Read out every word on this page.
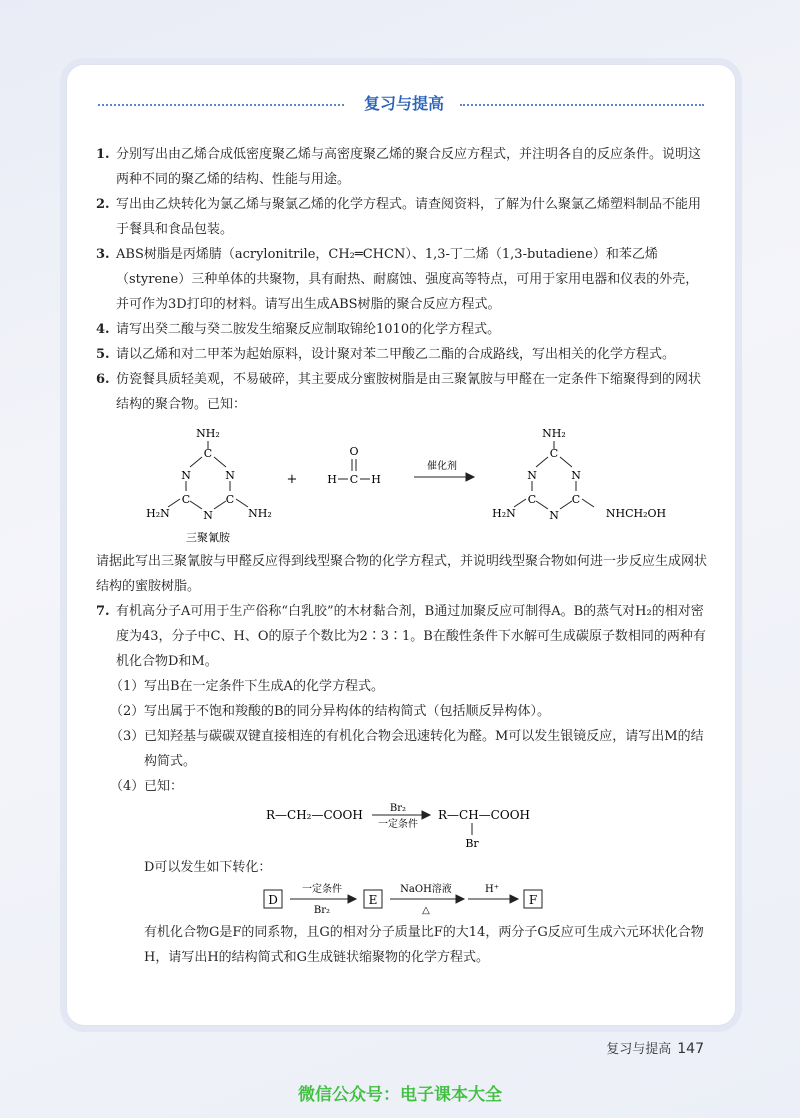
复习与提高
1. 分别写出由乙烯合成低密度聚乙烯与高密度聚乙烯的聚合反应方程式，并注明各自的反应条件。说明这两种不同的聚乙烯的结构、性能与用途。
2. 写出由乙炔转化为氯乙烯与聚氯乙烯的化学方程式。请查阅资料，了解为什么聚氯乙烯塑料制品不能用于餐具和食品包装。
3. ABS树脂是丙烯腈（acrylonitrile，CH₂═CHCN）、1,3-丁二烯（1,3-butadiene）和苯乙烯（styrene）三种单体的共聚物，具有耐热、耐腐蚀、强度高等特点，可用于家用电器和仪表的外壳，并可作为3D打印的材料。请写出生成ABS树脂的聚合反应方程式。
4. 请写出癸二酸与癸二胺发生缩聚反应制取锦纶1010的化学方程式。
5. 请以乙烯和对二甲苯为起始原料，设计聚对苯二甲酸乙二酯的合成路线，写出相关的化学方程式。
6. 仿瓷餐具质轻美观，不易破碎，其主要成分蜜胺树脂是由三聚氰胺与甲醛在一定条件下缩聚得到的网状结构的聚合物。已知：
NH₂
C
N	N
C	C
N
H₂N	NH₂
三聚氰胺
+
O
H C H
催化剂
NH₂
C
N	N
C	C
N
H₂N	NHCH₂OH
请据此写出三聚氰胺与甲醛反应得到线型聚合物的化学方程式，并说明线型聚合物如何进一步反应生成网状结构的蜜胺树脂。
7. 有机高分子A可用于生产俗称“白乳胶”的木材黏合剂，B通过加聚反应可制得A。B的蒸气对H₂的相对密度为43，分子中C、H、O的原子个数比为2∶3∶1。B在酸性条件下水解可生成碳原子数相同的两种有机化合物D和M。
（1） 写出B在一定条件下生成A的化学方程式。
（2） 写出属于不饱和羧酸的B的同分异构体的结构简式（包括顺反异构体）。
（3） 已知羟基与碳碳双键直接相连的有机化合物会迅速转化为醛。M可以发生银镜反应，请写出M的结构简式。
（4） 已知：
R—CH₂—COOH	Br₂
一定条件
R—CH—COOH
Br
D可以发生如下转化：
D
一定条件
Br₂
E
NaOH溶液
△
H⁺
F
有机化合物G是F的同系物，且G的相对分子质量比F的大14，两分子G反应可生成六元环状化合物H，请写出H的结构简式和G生成链状缩聚物的化学方程式。
复习与提高 147
微信公众号：电子课本大全
